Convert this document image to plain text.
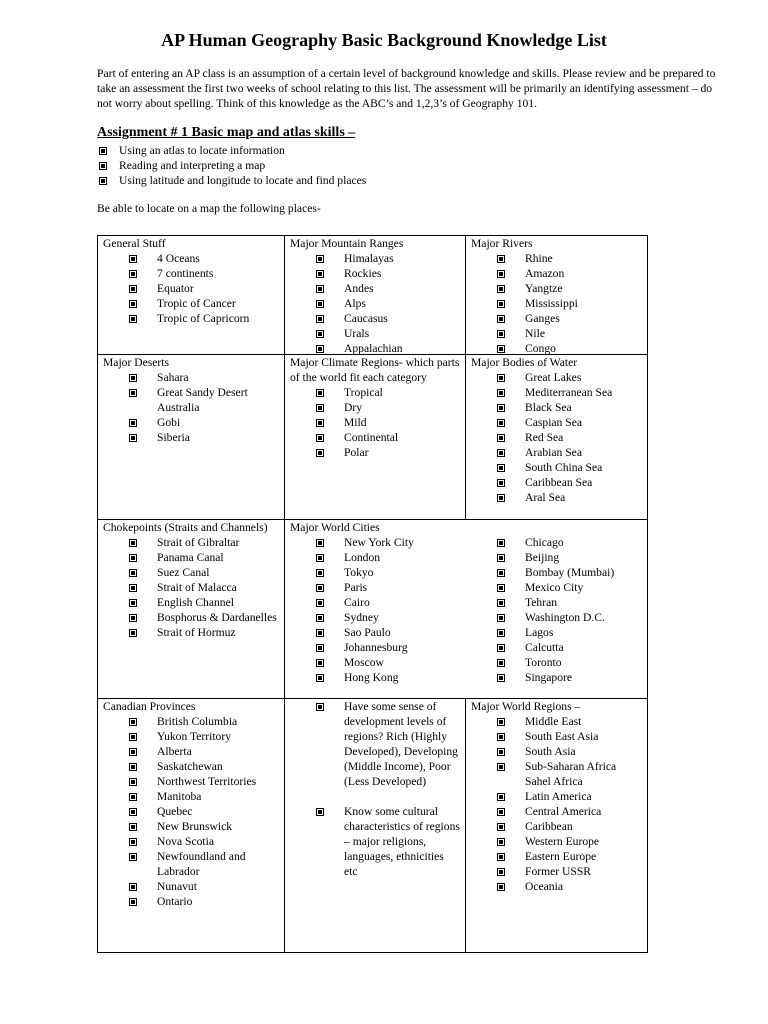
AP Human Geography Basic Background Knowledge List

Part of entering an AP class is an assumption of a certain level of background knowledge and skills. Please review and be prepared to take an assessment the first two weeks of school relating to this list. The assessment will be primarily an identifying assessment – do not worry about spelling. Think of this knowledge as the ABC’s and 1,2,3’s of Geography 101.

Assignment # 1 Basic map and atlas skills –
Using an atlas to locate information
Reading and interpreting a map
Using latitude and longitude to locate and find places
Be able to locate on a map the following places-
General Stuff
4 Oceans
7 continents
Equator
Tropic of Cancer
Tropic of Capricorn
Major Mountain Ranges
Himalayas
Rockies
Andes
Alps
Caucasus
Urals
Appalachian
Major Rivers
Rhine
Amazon
Yangtze
Mississippi
Ganges
Nile
Congo
Major Deserts
Sahara
Great Sandy Desert Australia
Gobi
Siberia
Major Climate Regions- which parts of the world fit each category
Tropical
Dry
Mild
Continental
Polar
Major Bodies of Water
Great Lakes
Mediterranean Sea
Black Sea
Caspian Sea
Red Sea
Arabian Sea
South China Sea
Caribbean Sea
Aral Sea
Chokepoints (Straits and Channels)
Strait of Gibraltar
Panama Canal
Suez Canal
Strait of Malacca
English Channel
Bosphorus & Dardanelles
Strait of Hormuz
Major World Cities
New York City
London
Tokyo
Paris
Cairo
Sydney
Sao Paulo
Johannesburg
Moscow
Hong Kong
Chicago
Beijing
Bombay (Mumbai)
Mexico City
Tehran
Washington D.C.
Lagos
Calcutta
Toronto
Singapore
Canadian Provinces
British Columbia
Yukon Territory
Alberta
Saskatchewan
Northwest Territories
Manitoba
Quebec
New Brunswick
Nova Scotia
Newfoundland and Labrador
Nunavut
Ontario
Have some sense of development levels of regions? Rich (Highly Developed), Developing (Middle Income), Poor (Less Developed)
Know some cultural characteristics of regions – major religions, languages, ethnicities etc
Major World Regions –
Middle East
South East Asia
South Asia
Sub-Saharan Africa Sahel Africa
Latin America
Central America
Caribbean
Western Europe
Eastern Europe
Former USSR
Oceania
